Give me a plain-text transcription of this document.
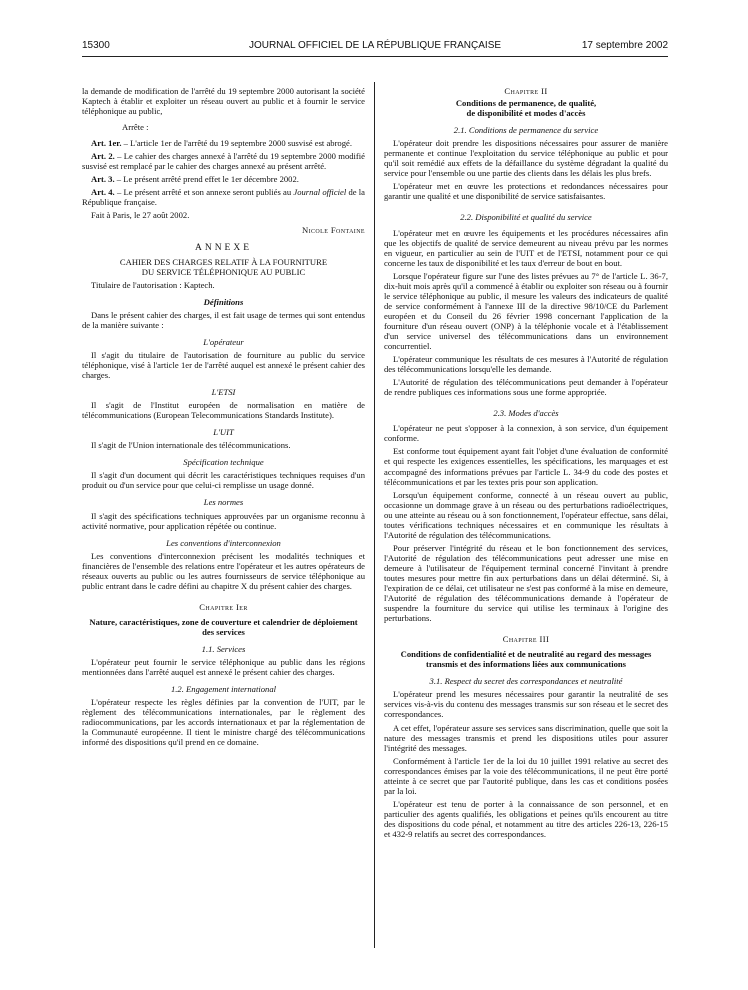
15300	JOURNAL OFFICIEL DE LA RÉPUBLIQUE FRANÇAISE	17 septembre 2002

la demande de modification de l'arrêté du 19 septembre 2000 autorisant la société Kaptech à établir et exploiter un réseau ouvert au public et à fournir le service téléphonique au public,

Arrête :

Art. 1er. – L'article 1er de l'arrêté du 19 septembre 2000 susvisé est abrogé.

Art. 2. – Le cahier des charges annexé à l'arrêté du 19 septembre 2000 modifié susvisé est remplacé par le cahier des charges annexé au présent arrêté.

Art. 3. – Le présent arrêté prend effet le 1er décembre 2002.

Art. 4. – Le présent arrêté et son annexe seront publiés au Journal officiel de la République française.

Fait à Paris, le 27 août 2002.

Nicole Fontaine

ANNEXE

CAHIER DES CHARGES RELATIF À LA FOURNITURE

DU SERVICE TÉLÉPHONIQUE AU PUBLIC

Titulaire de l'autorisation : Kaptech.

Définitions

Dans le présent cahier des charges, il est fait usage de termes qui sont entendus de la manière suivante :

L'opérateur

Il s'agit du titulaire de l'autorisation de fourniture au public du service téléphonique, visé à l'article 1er de l'arrêté auquel est annexé le présent cahier des charges.

L'ETSI

Il s'agit de l'Institut européen de normalisation en matière de télécommunications (European Telecommunications Standards Institute).

L'UIT

Il s'agit de l'Union internationale des télécommunications.

Spécification technique

Il s'agit d'un document qui décrit les caractéristiques techniques requises d'un produit ou d'un service pour que celui-ci remplisse un usage donné.

Les normes

Il s'agit des spécifications techniques approuvées par un organisme reconnu à activité normative, pour application répétée ou continue.

Les conventions d'interconnexion

Les conventions d'interconnexion précisent les modalités techniques et financières de l'ensemble des relations entre l'opérateur et les autres opérateurs de réseaux ouverts au public ou les autres fournisseurs de service téléphonique au public entrant dans le cadre défini au chapitre X du présent cahier des charges.

Chapitre Ier

Nature, caractéristiques, zone de couverture et calendrier de déploiement des services

1.1. Services

L'opérateur peut fournir le service téléphonique au public dans les régions mentionnées dans l'arrêté auquel est annexé le présent cahier des charges.

1.2. Engagement international

L'opérateur respecte les règles définies par la convention de l'UIT, par le règlement des télécommunications internationales, par le règlement des radiocommunications, par les accords internationaux et par la réglementation de la Communauté européenne. Il tient le ministre chargé des télécommunications informé des dispositions qu'il prend en ce domaine.

Chapitre II

Conditions de permanence, de qualité,

de disponibilité et modes d'accès

2.1. Conditions de permanence du service

L'opérateur doit prendre les dispositions nécessaires pour assurer de manière permanente et continue l'exploitation du service téléphonique au public et pour qu'il soit remédié aux effets de la défaillance du système dégradant la qualité du service pour l'ensemble ou une partie des clients dans les délais les plus brefs.

L'opérateur met en œuvre les protections et redondances nécessaires pour garantir une qualité et une disponibilité de service satisfaisantes.

2.2. Disponibilité et qualité du service

L'opérateur met en œuvre les équipements et les procédures nécessaires afin que les objectifs de qualité de service demeurent au niveau prévu par les normes en vigueur, en particulier au sein de l'UIT et de l'ETSI, notamment pour ce qui concerne les taux de disponibilité et les taux d'erreur de bout en bout.

Lorsque l'opérateur figure sur l'une des listes prévues au 7° de l'article L. 36-7, dix-huit mois après qu'il a commencé à établir ou exploiter son réseau ou à fournir le service téléphonique au public, il mesure les valeurs des indicateurs de qualité de service conformément à l'annexe III de la directive 98/10/CE du Parlement européen et du Conseil du 26 février 1998 concernant l'application de la fourniture d'un réseau ouvert (ONP) à la téléphonie vocale et à l'établissement d'un service universel des télécommunications dans un environnement concurrentiel.

L'opérateur communique les résultats de ces mesures à l'Autorité de régulation des télécommunications lorsqu'elle les demande.

L'Autorité de régulation des télécommunications peut demander à l'opérateur de rendre publiques ces informations sous une forme appropriée.

2.3. Modes d'accès

L'opérateur ne peut s'opposer à la connexion, à son service, d'un équipement conforme.

Est conforme tout équipement ayant fait l'objet d'une évaluation de conformité et qui respecte les exigences essentielles, les spécifications, les marquages et est accompagné des informations prévues par l'article L. 34-9 du code des postes et télécommunications et par les textes pris pour son application.

Lorsqu'un équipement conforme, connecté à un réseau ouvert au public, occasionne un dommage grave à un réseau ou des perturbations radioélectriques, ou une atteinte au réseau ou à son fonctionnement, l'opérateur effectue, sans délai, toutes vérifications techniques nécessaires et en communique les résultats à l'Autorité de régulation des télécommunications.

Pour préserver l'intégrité du réseau et le bon fonctionnement des services, l'Autorité de régulation des télécommunications peut adresser une mise en demeure à l'utilisateur de l'équipement terminal concerné l'invitant à prendre toutes mesures pour mettre fin aux perturbations dans un délai déterminé. Si, à l'expiration de ce délai, cet utilisateur ne s'est pas conformé à la mise en demeure, l'Autorité de régulation des télécommunications demande à l'opérateur de suspendre la fourniture du service qui utilise les terminaux à l'origine des perturbations.

Chapitre III

Conditions de confidentialité et de neutralité au regard des messages transmis et des informations liées aux communications

3.1. Respect du secret des correspondances et neutralité

L'opérateur prend les mesures nécessaires pour garantir la neutralité de ses services vis-à-vis du contenu des messages transmis sur son réseau et le secret des correspondances.

A cet effet, l'opérateur assure ses services sans discrimination, quelle que soit la nature des messages transmis et prend les dispositions utiles pour assurer l'intégrité des messages.

Conformément à l'article 1er de la loi du 10 juillet 1991 relative au secret des correspondances émises par la voie des télécommunications, il ne peut être porté atteinte à ce secret que par l'autorité publique, dans les cas et conditions posées par la loi.

L'opérateur est tenu de porter à la connaissance de son personnel, et en particulier des agents qualifiés, les obligations et peines qu'ils encourent au titre des dispositions du code pénal, et notamment au titre des articles 226-13, 226-15 et 432-9 relatifs au secret des correspondances.
